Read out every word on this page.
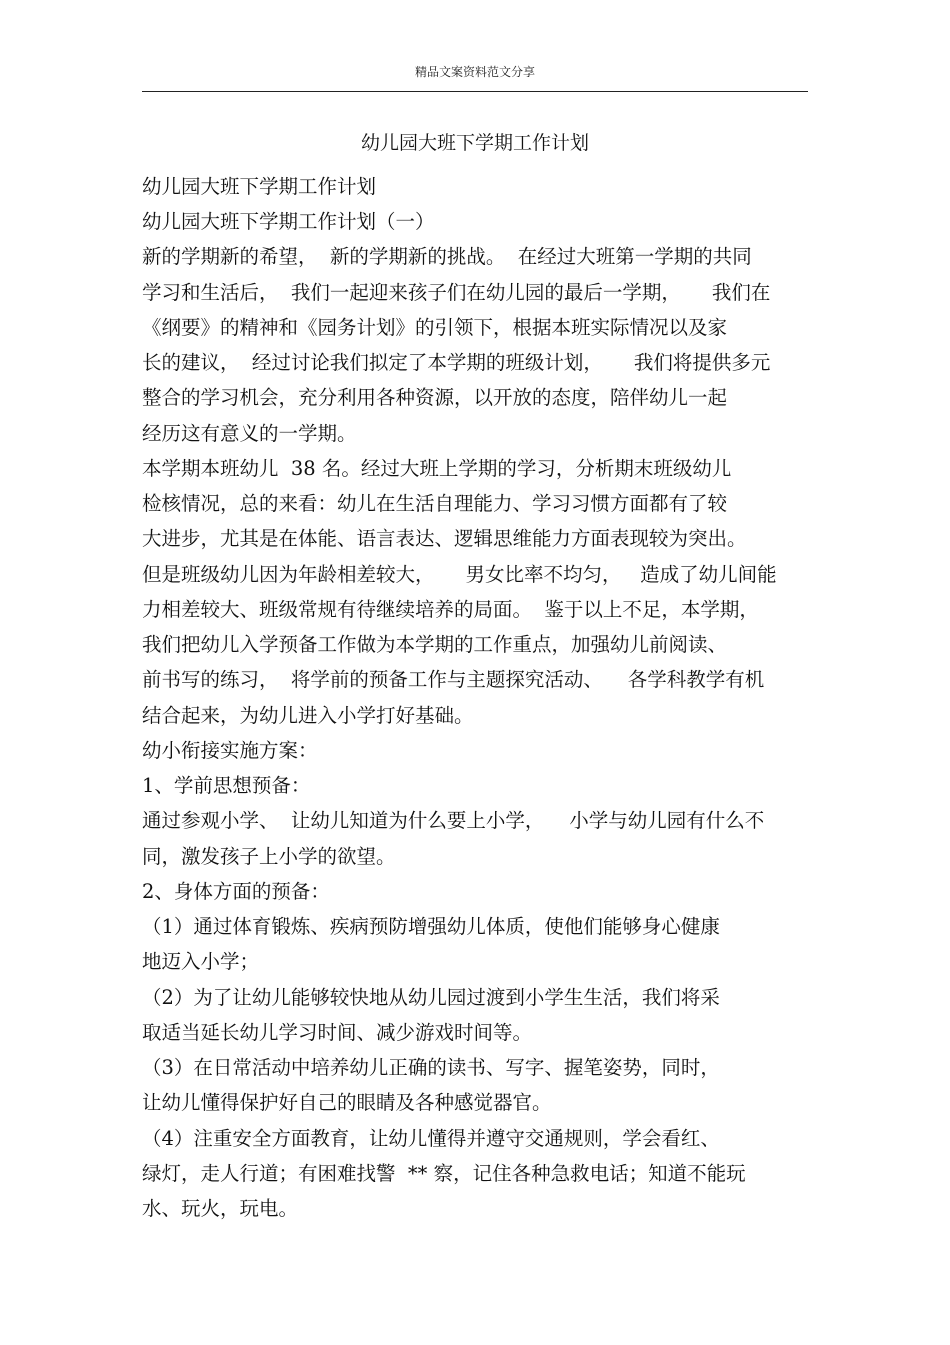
精品文案资料范文分享
幼儿园大班下学期工作计划
幼儿园大班下学期工作计划
幼儿园大班下学期工作计划（一）
新的学期新的希望，  新的学期新的挑战。  在经过大班第一学期的共同
学习和生活后，  我们一起迎来孩子们在幼儿园的最后一学期，     我们在
《纲要》的精神和《园务计划》的引领下，根据本班实际情况以及家
长的建议，  经过讨论我们拟定了本学期的班级计划，     我们将提供多元
整合的学习机会，充分利用各种资源，以开放的态度，陪伴幼儿一起
经历这有意义的一学期。
本学期本班幼儿  38 名。经过大班上学期的学习，分析期末班级幼儿
检核情况，总的来看：幼儿在生活自理能力、学习习惯方面都有了较
大进步，尤其是在体能、语言表达、逻辑思维能力方面表现较为突出。
但是班级幼儿因为年龄相差较大，     男女比率不均匀，   造成了幼儿间能
力相差较大、班级常规有待继续培养的局面。  鉴于以上不足，本学期，
我们把幼儿入学预备工作做为本学期的工作重点，加强幼儿前阅读、
前书写的练习，  将学前的预备工作与主题探究活动、    各学科教学有机
结合起来，为幼儿进入小学打好基础。
幼小衔接实施方案：
1、学前思想预备：
通过参观小学、  让幼儿知道为什么要上小学，    小学与幼儿园有什么不
同，激发孩子上小学的欲望。
2、身体方面的预备：
（1）通过体育锻炼、疾病预防增强幼儿体质，使他们能够身心健康
地迈入小学；
（2）为了让幼儿能够较快地从幼儿园过渡到小学生生活，我们将采
取适当延长幼儿学习时间、减少游戏时间等。
（3）在日常活动中培养幼儿正确的读书、写字、握笔姿势，同时，
让幼儿懂得保护好自己的眼睛及各种感觉器官。
（4）注重安全方面教育，让幼儿懂得并遵守交通规则，学会看红、
绿灯，走人行道；有困难找警  ** 察，记住各种急救电话；知道不能玩
水、玩火，玩电。
